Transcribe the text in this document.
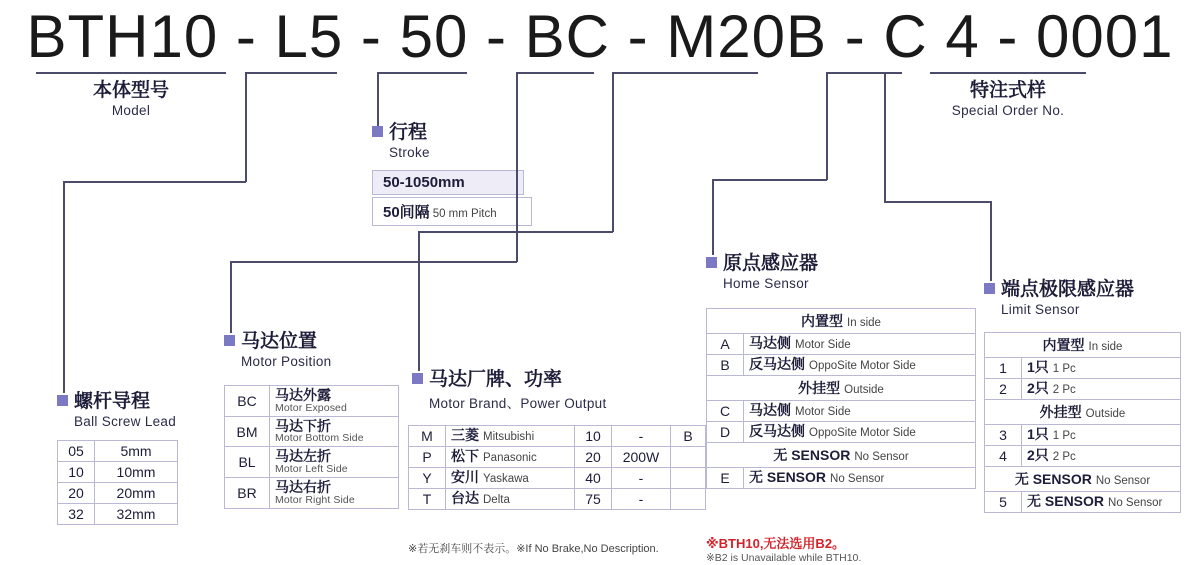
BTH10 - L5 - 50 - BC - M20B - C 4 - 0001
本体型号
Model
特注式样
Special Order No.
行程
Stroke
50-1050mm
50间隔 50 mm Pitch
螺杆导程
Ball Screw Lead
05	5mm
10	10mm
20	20mm
32	32mm
马达位置
Motor Position
BC	马达外露
Motor Exposed

BM	马达下折
Motor Bottom Side

BL	马达左折
Motor Left Side

BR	马达右折
Motor Right Side
马达厂牌、功率
Motor Brand、Power Output
M	三菱 Mitsubishi	10	-	B
P	松下 Panasonic	20	200W	
Y	安川 Yaskawa	40	-	
T	台达 Delta	75	-	
※若无刹车则不表示。※If No Brake,No Description.
原点感应器
Home Sensor
内置型 In side	
A	马达侧 Motor Side
B	反马达侧 OppoSite Motor Side
外挂型 Outside	
C	马达侧 Motor Side
D	反马达侧 OppoSite Motor Side
无 SENSOR No Sensor	
E	无 SENSOR No Sensor
※BTH10,无法选用B2。
※B2 is Unavailable while BTH10.
端点极限感应器
Limit Sensor
内置型 In side	
1	1只 1 Pc
2	2只 2 Pc
外挂型 Outside	
3	1只 1 Pc
4	2只 2 Pc
无 SENSOR No Sensor	
5	无 SENSOR No Sensor
